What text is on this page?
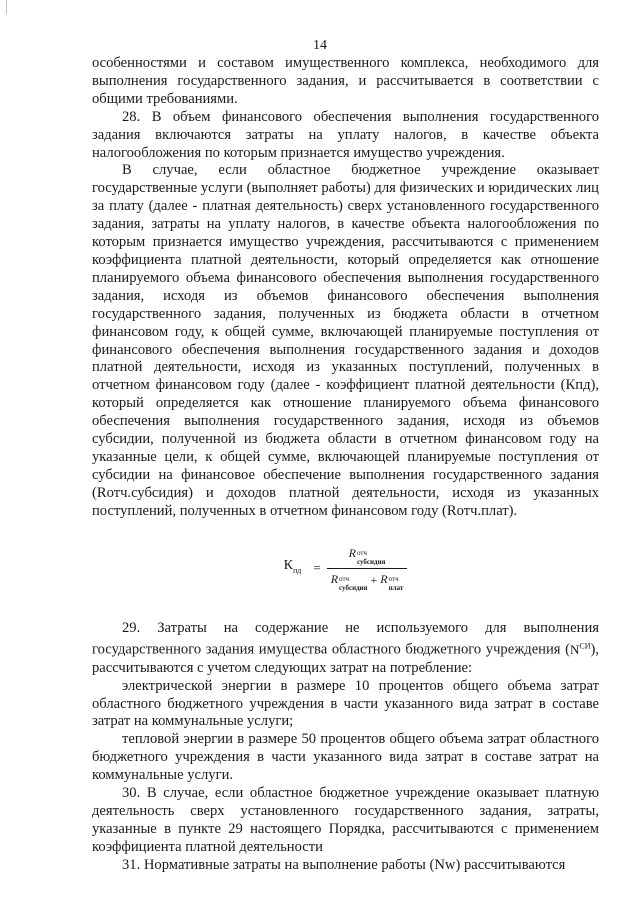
14

особенностями и составом имущественного комплекса, необходимого для выполнения государственного задания, и рассчитывается в соответствии с общими требованиями.

28. В объем финансового обеспечения выполнения государственного задания включаются затраты на уплату налогов, в качестве объекта налогообложения по которым признается имущество учреждения.

В случае, если областное бюджетное учреждение оказывает государственные услуги (выполняет работы) для физических и юридических лиц за плату (далее - платная деятельность) сверх установленного государственного задания, затраты на уплату налогов, в качестве объекта налогообложения по которым признается имущество учреждения, рассчитываются с применением коэффициента платной деятельности, который определяется как отношение планируемого объема финансового обеспечения выполнения государственного задания, исходя из объемов финансового обеспечения выполнения государственного задания, полученных из бюджета области в отчетном финансовом году, к общей сумме, включающей планируемые поступления от финансового обеспечения выполнения государственного задания и доходов платной деятельности, исходя из указанных поступлений, полученных в отчетном финансовом году (далее - коэффициент платной деятельности (Кпд), который определяется как отношение планируемого объема финансового обеспечения выполнения государственного задания, исходя из объемов субсидии, полученной из бюджета области в отчетном финансовом году на указанные цели, к общей сумме, включающей планируемые поступления от субсидии на финансовое обеспечение выполнения государственного задания (Rотч.субсидия) и доходов платной деятельности, исходя из указанных поступлений, полученных в отчетном финансовом году (Rотч.плат).

$К_{пд}$ =
R отч
субсидия
R отч
субсидия
+ R отч
плат

29. Затраты на содержание не используемого для выполнения государственного задания имущества областного бюджетного учреждения $(N^{СИ})$, рассчитываются с учетом следующих затрат на потребление:

электрической энергии в размере 10 процентов общего объема затрат областного бюджетного учреждения в части указанного вида затрат в составе затрат на коммунальные услуги;

тепловой энергии в размере 50 процентов общего объема затрат областного бюджетного учреждения в части указанного вида затрат в составе затрат на коммунальные услуги.

30. В случае, если областное бюджетное учреждение оказывает платную деятельность сверх установленного государственного задания, затраты, указанные в пункте 29 настоящего Порядка, рассчитываются с применением коэффициента платной деятельности

31. Нормативные затраты на выполнение работы (Nw) рассчитываются
